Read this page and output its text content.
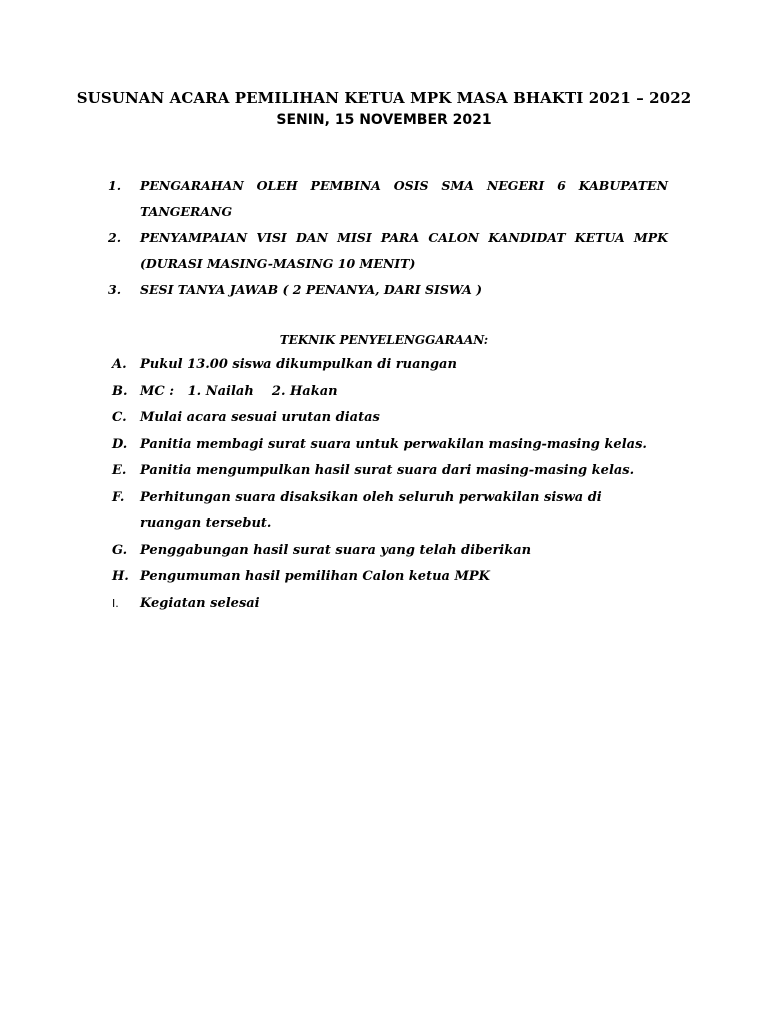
SUSUNAN ACARA PEMILIHAN KETUA MPK MASA BHAKTI 2021 – 2022
SENIN, 15 NOVEMBER 2021
1.	PENGARAHAN OLEH PEMBINA OSIS SMA NEGERI 6 KABUPATEN TANGERANG
2.	PENYAMPAIAN VISI DAN MISI PARA CALON KANDIDAT KETUA MPK (DURASI MASING-MASING 10 MENIT)
3.	SESI TANYA JAWAB ( 2 PENANYA, DARI SISWA )
TEKNIK PENYELENGGARAAN:
A.	Pukul 13.00 siswa dikumpulkan di ruangan
B. MC :   1. Nailah    2. Hakan
C.	Mulai acara sesuai urutan diatas
D. Panitia membagi surat suara untuk perwakilan masing-masing kelas.
E.	Panitia mengumpulkan hasil surat suara dari masing-masing kelas.
F.	Perhitungan suara disaksikan oleh seluruh perwakilan siswa di ruangan tersebut.
G. Penggabungan hasil surat suara yang telah diberikan
H. Pengumuman hasil pemilihan Calon ketua MPK
I.	Kegiatan selesai
